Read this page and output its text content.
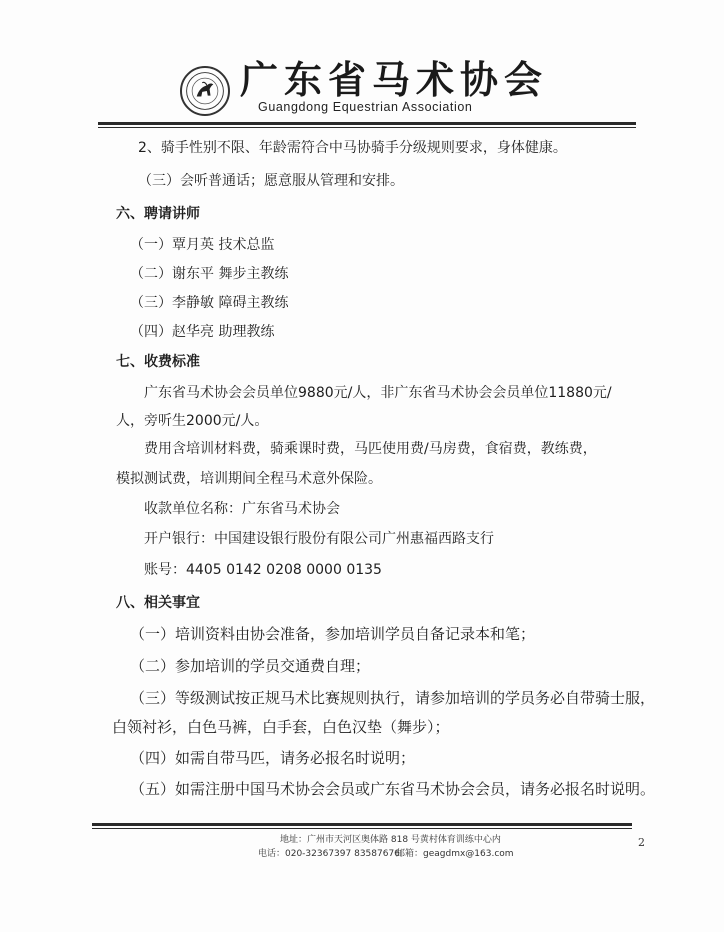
广东省马术协会
Guangdong Equestrian Association
2、骑手性别不限、年龄需符合中马协骑手分级规则要求，身体健康。
（三）会听普通话；愿意服从管理和安排。
六、聘请讲师
（一）覃月英 技术总监
（二）谢东平 舞步主教练
（三）李静敏 障碍主教练
（四）赵华亮 助理教练
七、收费标准
广东省马术协会会员单位9880元/人，非广东省马术协会会员单位11880元/
人，旁听生2000元/人。
费用含培训材料费，骑乘课时费，马匹使用费/马房费，食宿费，教练费，
模拟测试费，培训期间全程马术意外保险。
收款单位名称：广东省马术协会
开户银行：中国建设银行股份有限公司广州惠福西路支行
账号：4405 0142 0208 0000 0135
八、相关事宜
（一）培训资料由协会准备，参加培训学员自备记录本和笔；
（二）参加培训的学员交通费自理；
（三）等级测试按正规马术比赛规则执行，请参加培训的学员务必自带骑士服，
白领衬衫，白色马裤，白手套，白色汉垫（舞步）；
（四）如需自带马匹，请务必报名时说明；
（五）如需注册中国马术协会会员或广东省马术协会会员，请务必报名时说明。
地址：广州市天河区奥体路 818 号黄村体育训练中心内
电话：020-32367397 83587676
邮箱：geagdmx@163.com
2
